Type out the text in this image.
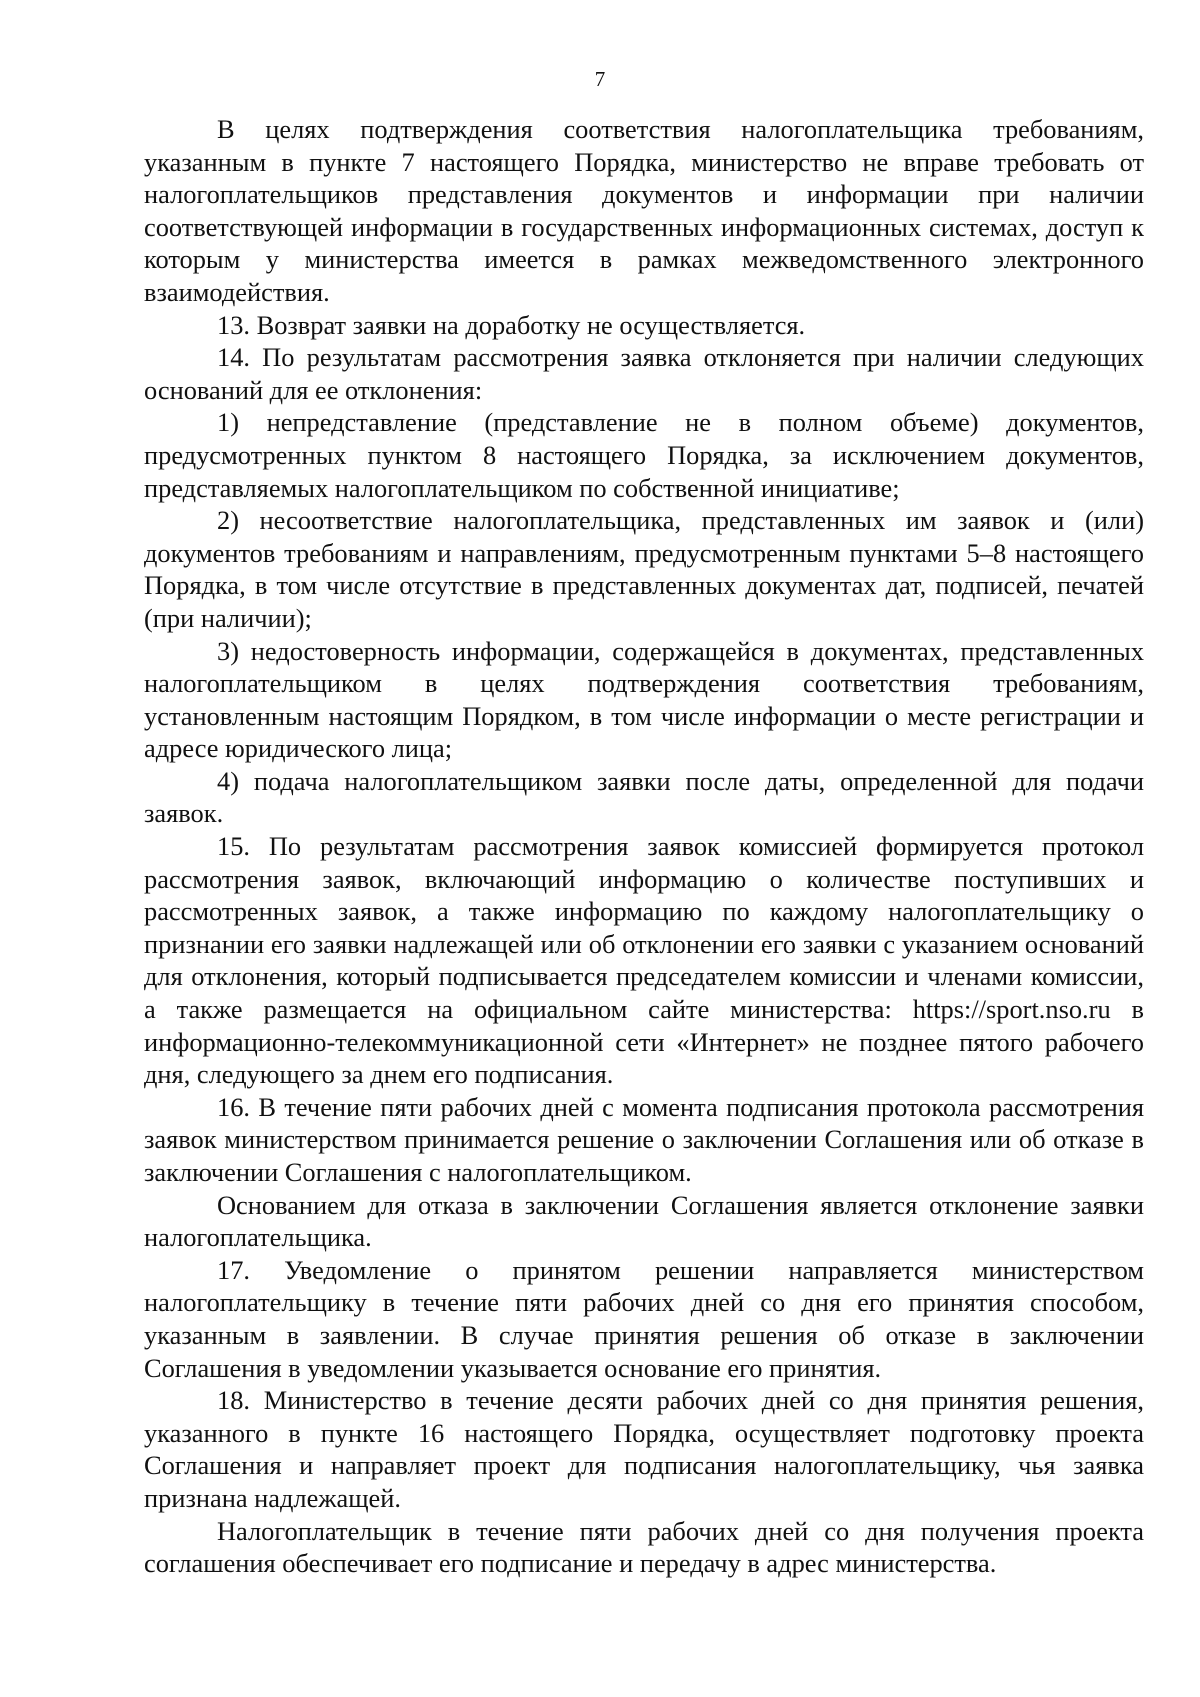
7

В целях подтверждения соответствия налогоплательщика требованиям, указанным в пункте 7 настоящего Порядка, министерство не вправе требовать от налогоплательщиков представления документов и информации при наличии соответствующей информации в государственных информационных системах, доступ к которым у министерства имеется в рамках межведомственного электронного взаимодействия.

13. Возврат заявки на доработку не осуществляется.

14. По результатам рассмотрения заявка отклоняется при наличии следующих оснований для ее отклонения:

1) непредставление (представление не в полном объеме) документов, предусмотренных пунктом 8 настоящего Порядка, за исключением документов, представляемых налогоплательщиком по собственной инициативе;

2) несоответствие налогоплательщика, представленных им заявок и (или) документов требованиям и направлениям, предусмотренным пунктами 5–8 настоящего Порядка, в том числе отсутствие в представленных документах дат, подписей, печатей (при наличии);

3) недостоверность информации, содержащейся в документах, представленных налогоплательщиком в целях подтверждения соответствия требованиям, установленным настоящим Порядком, в том числе информации о месте регистрации и адресе юридического лица;

4) подача налогоплательщиком заявки после даты, определенной для подачи заявок.

15. По результатам рассмотрения заявок комиссией формируется протокол рассмотрения заявок, включающий информацию о количестве поступивших и рассмотренных заявок, а также информацию по каждому налогоплательщику о признании его заявки надлежащей или об отклонении его заявки с указанием оснований для отклонения, который подписывается председателем комиссии и членами комиссии, а также размещается на официальном сайте министерства: https://sport.nso.ru в информационно-телекоммуникационной сети «Интернет» не позднее пятого рабочего дня, следующего за днем его подписания.

16. В течение пяти рабочих дней с момента подписания протокола рассмотрения заявок министерством принимается решение о заключении Соглашения или об отказе в заключении Соглашения с налогоплательщиком.

Основанием для отказа в заключении Соглашения является отклонение заявки налогоплательщика.

17. Уведомление о принятом решении направляется министерством налогоплательщику в течение пяти рабочих дней со дня его принятия способом, указанным в заявлении. В случае принятия решения об отказе в заключении Соглашения в уведомлении указывается основание его принятия.

18. Министерство в течение десяти рабочих дней со дня принятия решения, указанного в пункте 16 настоящего Порядка, осуществляет подготовку проекта Соглашения и направляет проект для подписания налогоплательщику, чья заявка признана надлежащей.

Налогоплательщик в течение пяти рабочих дней со дня получения проекта соглашения обеспечивает его подписание и передачу в адрес министерства.
